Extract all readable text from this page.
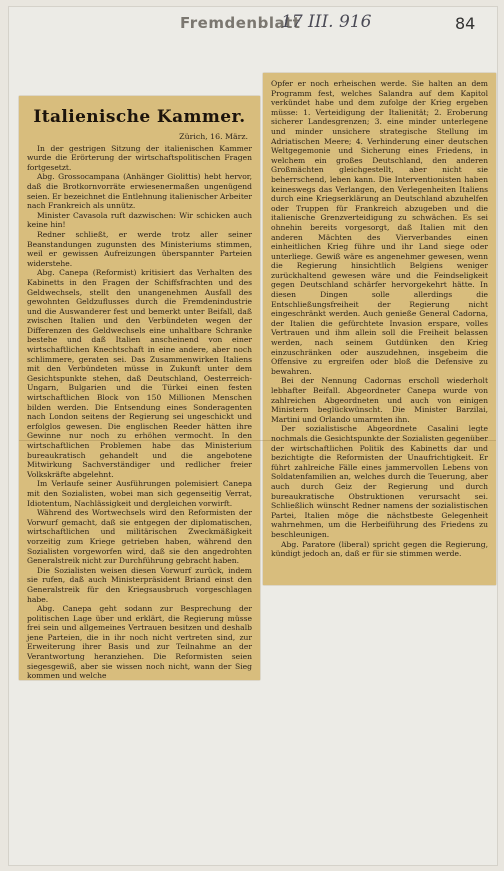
Fremdenblatt
17 III. 916	84
Italienische Kammer.
Zürich, 16. März.

In der gestrigen Sitzung der italienischen Kammer wurde die Erörterung der wirtschaftspolitischen Fragen fortgesetzt.

Abg. Grossocampana (Anhänger Giolittis) hebt hervor, daß die Brotkornvorräte erwiesenermaßen ungenügend seien. Er bezeichnet die Entlehnung italienischer Arbeiter nach Frankreich als unnütz.

Minister Cavasola ruft dazwischen: Wir schicken auch keine hin!

Redner schließt, er werde trotz aller seiner Beanstandungen zugunsten des Ministeriums stimmen, weil er gewissen Aufreizungen überspannter Parteien widerstehe.

Abg. Canepa (Reformist) kritisiert das Verhalten des Kabinetts in den Fragen der Schiffsfrachten und des Geldwechsels, stellt den unangenehmen Ausfall des gewohnten Geldzuflusses durch die Fremdenindustrie und die Auswanderer fest und bemerkt unter Beifall, daß zwischen Italien und den Verbündeten wegen der Differenzen des Geldwechsels eine unhaltbare Schranke bestehe und daß Italien anscheinend von einer wirtschaftlichen Knechtschaft in eine andere, aber noch schlimmere, geraten sei. Das Zusammenwirken Italiens mit den Verbündeten müsse in Zukunft unter dem Gesichtspunkte stehen, daß Deutschland, Oesterreich-Ungarn, Bulgarien und die Türkei einen festen wirtschaftlichen Block von 150 Millionen Menschen bilden werden. Die Entsendung eines Sonderagenten nach London seitens der Regierung sei ungeschickt und erfolglos gewesen. Die englischen Reeder hätten ihre Gewinne nur noch zu erhöhen vermocht. In den wirtschaftlichen Problemen habe das Ministerium bureaukratisch gehandelt und die angebotene Mitwirkung Sachverständiger und redlicher freier Volkskräfte abgelehnt.

Im Verlaufe seiner Ausführungen polemisiert Canepa mit den Sozialisten, wobei man sich gegenseitig Verrat, Idiotentum, Nachlässigkeit und dergleichen vorwirft.

Während des Wortwechsels wird den Reformisten der Vorwurf gemacht, daß sie entgegen der diplomatischen, wirtschaftlichen und militärischen Zweckmäßigkeit vorzeitig zum Kriege getrieben haben, während den Sozialisten vorgeworfen wird, daß sie den angedrohten Generalstreik nicht zur Durchführung gebracht haben.

Die Sozialisten weisen diesen Vorwurf zurück, indem sie rufen, daß auch Ministerpräsident Briand einst den Generalstreik für den Kriegsausbruch vorgeschlagen habe.

Abg. Canepa geht sodann zur Besprechung der politischen Lage über und erklärt, die Regierung müsse frei sein und allgemeines Vertrauen besitzen und deshalb jene Parteien, die in ihr noch nicht vertreten sind, zur Erweiterung ihrer Basis und zur Teilnahme an der Verantwortung heranziehen. Die Reformisten seien siegesgewiß, aber sie wissen noch nicht, wann der Sieg kommen und welche

Opfer er noch erheischen werde. Sie halten an dem Programm fest, welches Salandra auf dem Kapitol verkündet habe und dem zufolge der Krieg ergeben müsse: 1. Verteidigung der Italienität; 2. Eroberung sicherer Landesgrenzen; 3. eine minder unterlegene und minder unsichere strategische Stellung im Adriatischen Meere; 4. Verhinderung einer deutschen Weltgegemonie und Sicherung eines Friedens, in welchem ein großes Deutschland, den anderen Großmächten gleichgestellt, aber nicht sie beherrschend, leben kann. Die Interventionisten haben keineswegs das Verlangen, den Verlegenheiten Italiens durch eine Kriegserklärung an Deutschland abzuhelfen oder Truppen für Frankreich abzugeben und die italienische Grenzverteidigung zu schwächen. Es sei ohnehin bereits vorgesorgt, daß Italien mit den anderen Mächten des Vierverbandes einen einheitlichen Krieg führe und ihr Land siege oder unterliege. Gewiß wäre es angenehmer gewesen, wenn die Regierung hinsichtlich Belgiens weniger zurückhaltend gewesen wäre und die Feindseligkeit gegen Deutschland schärfer hervorgekehrt hätte. In diesen Dingen solle allerdings die Entschließungsfreiheit der Regierung nicht eingeschränkt werden. Auch genieße General Cadorna, der Italien die gefürchtete Invasion erspare, volles Vertrauen und ihm allein soll die Freiheit belassen werden, nach seinem Gutdünken den Krieg einzuschränken oder auszudehnen, insgebeim die Offensive zu ergreifen oder bloß die Defensive zu bewahren.

Bei der Nennung Cadornas erscholl wiederholt lebhafter Beifall. Abgeordneter Canepa wurde von zahlreichen Abgeordneten und auch von einigen Ministern beglückwünscht. Die Minister Barzilai, Martini und Orlando umarmten ihn.

Der sozialistische Abgeordnete Casalini legte nochmals die Gesichtspunkte der Sozialisten gegenüber der wirtschaftlichen Politik des Kabinetts dar und bezichtigte die Reformisten der Unaufrichtigkeit. Er führt zahlreiche Fälle eines jammervollen Lebens von Soldatenfamilien an, welches durch die Teuerung, aber auch durch Geiz der Regierung und durch bureaukratische Obstruktionen verursacht sei. Schließlich wünscht Redner namens der sozialistischen Partei, Italien möge die nächstbeste Gelegenheit wahrnehmen, um die Herbeiführung des Friedens zu beschleunigen.

Abg. Paratore (liberal) spricht gegen die Regierung, kündigt jedoch an, daß er für sie stimmen werde.
